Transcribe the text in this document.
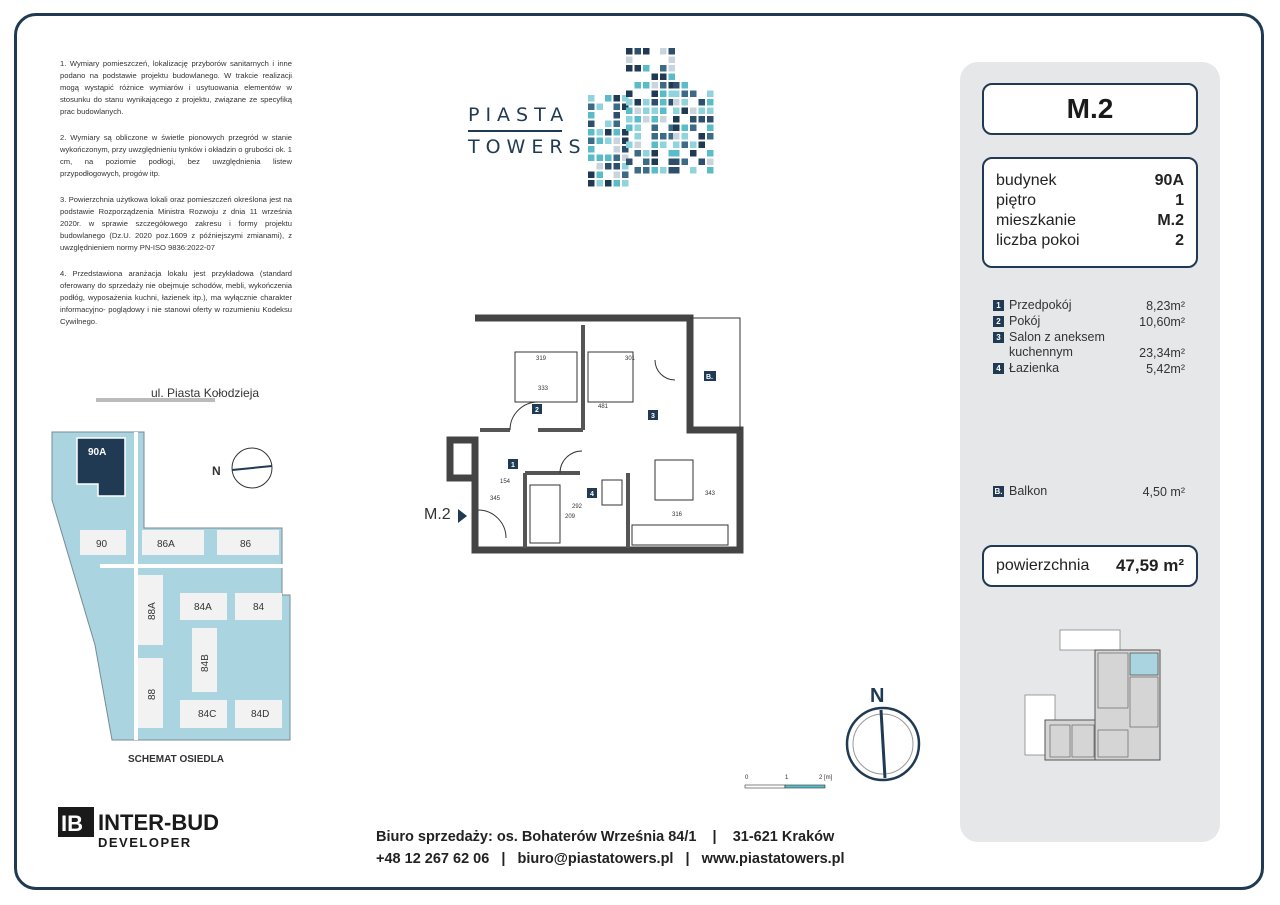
1. Wymiary pomieszczeń, lokalizację przyborów sanitarnych i inne podano na podstawie projektu budowlanego. W trakcie realizacji mogą wystąpić różnice wymiarów i usytuowania elementów w stosunku do stanu wynikającego z projektu, związane ze specyfiką prac budowlanych.

2. Wymiary są obliczone w świetle pionowych przegród w stanie wykończonym, przy uwzględnieniu tynków i okładzin o grubości ok. 1 cm, na poziomie podłogi, bez uwzględnienia listew przypodłogowych, progów itp.

3. Powierzchnia użytkowa lokali oraz pomieszczeń określona jest na podstawie Rozporządzenia Ministra Rozwoju z dnia 11 września 2020r. w sprawie szczegółowego zakresu i formy projektu budowlanego (Dz.U. 2020 poz.1609 z późniejszymi zmianami), z uwzględnieniem normy PN-ISO 9836:2022-07

4. Przedstawiona aranżacja lokalu jest przykładowa (standard oferowany do sprzedaży nie obejmuje schodów, mebli, wykończenia podłóg, wyposażenia kuchni, łazienek itp.), ma wyłącznie charakter informacyjno- poglądowy i nie stanowi oferty w rozumieniu Kodeksu Cywilnego.

PIASTA
TOWERS
M.2
budynek	90A
piętro	1
mieszkanie	M.2
liczba pokoi	2
1 Przedpokój	8,23m²
2 Pokój	10,60m²
3 Salon z aneksem kuchennym	23,34m²
4 Łazienka	5,42m²
B. Balkon	4,50 m²
powierzchnia 47,59 m²
319
333
301
481
154
345
292
209	316
343
1
2
3
4
B.
M.2
ul. Piasta Kołodzieja
N
90A
90	86A	86
88A	84A	84
84B
88
84C	84D
SCHEMAT OSIEDLA
N
0	1	2 [m]
IB INTER-BUD
DEVELOPER	Biuro sprzedaży: os. Bohaterów Września 84/1    |    31-621 Kraków
+48 12 267 62 06   |   biuro@piastatowers.pl   |   www.piastatowers.pl
